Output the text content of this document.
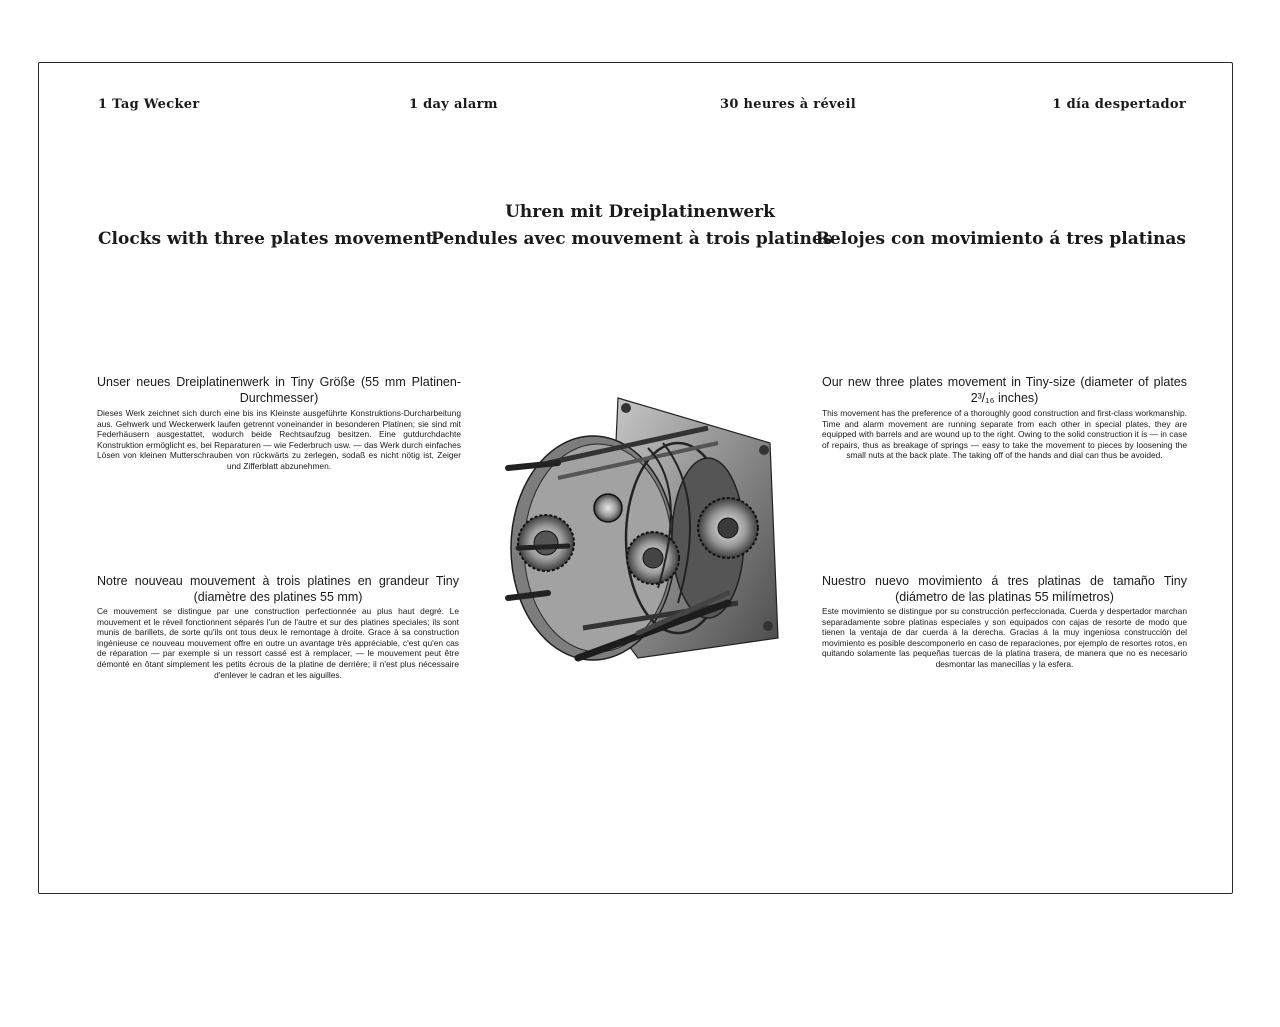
1 Tag Wecker	1 day alarm	30 heures à réveil	1 día despertador
Uhren mit Dreiplatinenwerk
Clocks with three plates movement
Pendules avec mouvement à trois platines
Relojes con movimiento á tres platinas
Unser neues Dreiplatinenwerk in Tiny Größe (55 mm Platinen-Durchmesser)
Dieses Werk zeichnet sich durch eine bis ins Kleinste ausgeführte Konstruktions-Durcharbeitung aus. Gehwerk und Weckerwerk laufen getrennt voneinander in besonderen Platinen; sie sind mit Federhäusern ausgestattet, wodurch beide Rechtsaufzug besitzen. Eine gutdurchdachte Konstruktion ermöglicht es, bei Reparaturen — wie Federbruch usw. — das Werk durch einfaches Lösen von kleinen Mutterschrauben von rückwärts zu zerlegen, sodaß es nicht nötig ist, Zeiger und Zifferblatt abzunehmen.
Our new three plates movement in Tiny-size (diameter of plates 2³/₁₆ inches)
This movement has the preference of a thoroughly good construction and first-class workmanship. Time and alarm movement are running separate from each other in special plates, they are equipped with barrels and are wound up to the right. Owing to the solid construction it is — in case of repairs, thus as breakage of springs — easy to take the movement to pieces by loosening the small nuts at the back plate. The taking off of the hands and dial can thus be avoided.
Notre nouveau mouvement à trois platines en grandeur Tiny (diamètre des platines 55 mm)
Ce mouvement se distingue par une construction perfectionnée au plus haut degré. Le mouvement et le réveil fonctionnent séparés l'un de l'autre et sur des platines speciales; ils sont munis de barillets, de sorte qu'ils ont tous deux le remontage à droite. Grace à sa construction ingénieuse ce nouveau mouvement offre en outre un avantage très appréciable, c'est qu'en cas de réparation — par exemple si un ressort cassé est à remplacer, — le mouvement peut être démonté en ôtant simplement les petits écrous de la platine de derrière; il n'est plus nécessaire d'enlever le cadran et les aiguilles.
Nuestro nuevo movimiento á tres platinas de tamaño Tiny (diámetro de las platinas 55 milímetros)
Este movimiento se distingue por su construcción perfeccionada. Cuerda y despertador marchan separadamente sobre platinas especiales y son equipados con cajas de resorte de modo que tienen la ventaja de dar cuerda á la derecha. Gracias á la muy ingeniosa construcción del movimiento es posible descomponerlo en caso de reparaciones, por ejemplo de resortes rotos, en quitando solamente las pequeñas tuercas de la platina trasera, de manera que no es necesario desmontar las manecillas y la esfera.
